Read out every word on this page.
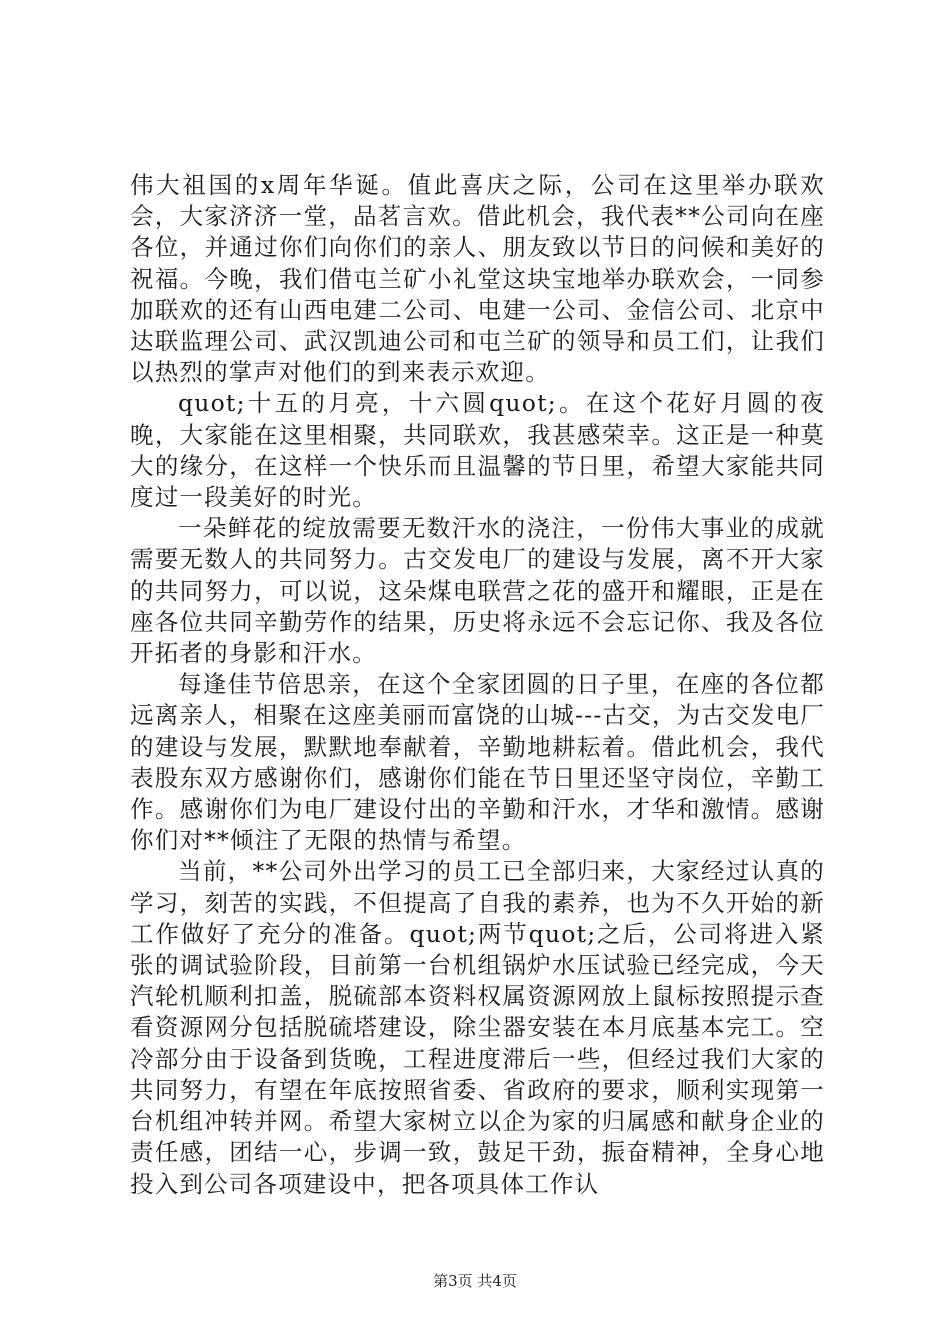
伟大祖国的x周年华诞。值此喜庆之际，公司在这里举办联欢会，大家济济一堂，品茗言欢。借此机会，我代表**公司向在座各位，并通过你们向你们的亲人、朋友致以节日的问候和美好的祝福。今晚，我们借屯兰矿小礼堂这块宝地举办联欢会，一同参加联欢的还有山西电建二公司、电建一公司、金信公司、北京中达联监理公司、武汉凯迪公司和屯兰矿的领导和员工们，让我们以热烈的掌声对他们的到来表示欢迎。

quot;十五的月亮，十六圆quot;。在这个花好月圆的夜晚，大家能在这里相聚，共同联欢，我甚感荣幸。这正是一种莫大的缘分，在这样一个快乐而且温馨的节日里，希望大家能共同度过一段美好的时光。

一朵鲜花的绽放需要无数汗水的浇注，一份伟大事业的成就需要无数人的共同努力。古交发电厂的建设与发展，离不开大家的共同努力，可以说，这朵煤电联营之花的盛开和耀眼，正是在座各位共同辛勤劳作的结果，历史将永远不会忘记你、我及各位开拓者的身影和汗水。

每逢佳节倍思亲，在这个全家团圆的日子里，在座的各位都远离亲人，相聚在这座美丽而富饶的山城---古交，为古交发电厂的建设与发展，默默地奉献着，辛勤地耕耘着。借此机会，我代表股东双方感谢你们，感谢你们能在节日里还坚守岗位，辛勤工作。感谢你们为电厂建设付出的辛勤和汗水，才华和激情。感谢你们对**倾注了无限的热情与希望。

当前，**公司外出学习的员工已全部归来，大家经过认真的学习，刻苦的实践，不但提高了自我的素养，也为不久开始的新工作做好了充分的准备。quot;两节quot;之后，公司将进入紧张的调试验阶段，目前第一台机组锅炉水压试验已经完成，今天汽轮机顺利扣盖，脱硫部本资料权属资源网放上鼠标按照提示查看资源网分包括脱硫塔建设，除尘器安装在本月底基本完工。空冷部分由于设备到货晚，工程进度滞后一些，但经过我们大家的共同努力，有望在年底按照省委、省政府的要求，顺利实现第一台机组冲转并网。希望大家树立以企为家的归属感和献身企业的责任感，团结一心，步调一致，鼓足干劲，振奋精神，全身心地投入到公司各项建设中，把各项具体工作认

第3页 共4页
